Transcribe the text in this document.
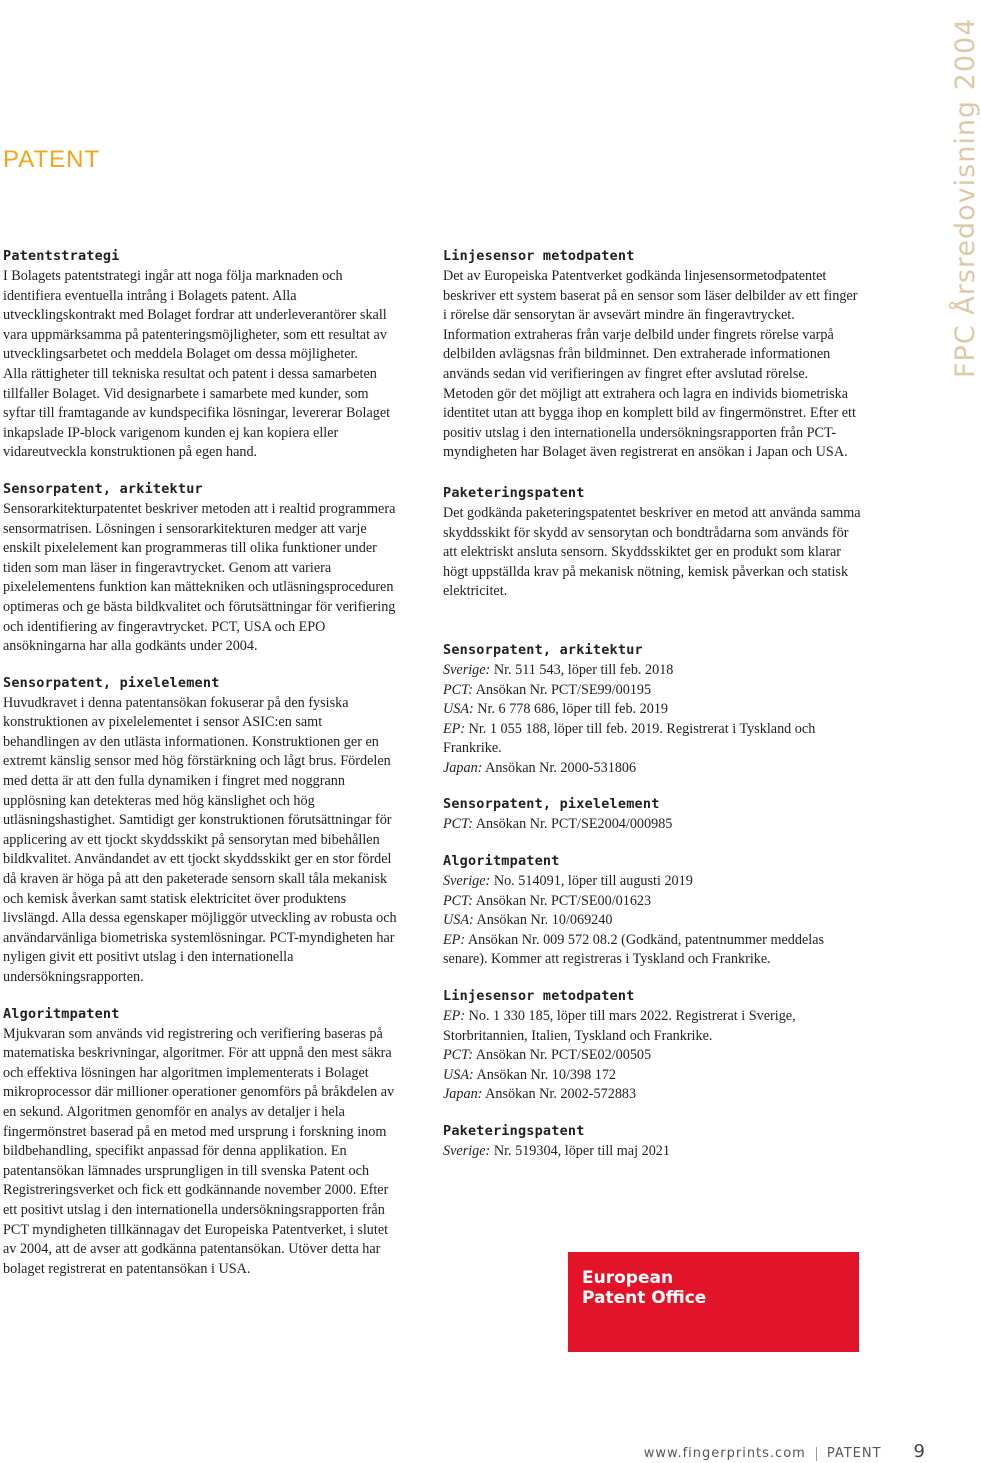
FPC Årsredovisning 2004
PATENT
Patentstrategi

I Bolagets patentstrategi ingår att noga följa marknaden och identifiera eventuella intrång i Bolagets patent. Alla utvecklingskontrakt med Bolaget fordrar att underleverantörer skall vara uppmärksamma på patenteringsmöjligheter, som ett resultat av utvecklingsarbetet och meddela Bolaget om dessa möjligheter.

Alla rättigheter till tekniska resultat och patent i dessa samarbeten tillfaller Bolaget. Vid designarbete i samarbete med kunder, som syftar till framtagande av kundspecifika lösningar, levererar Bolaget inkapslade IP-block varigenom kunden ej kan kopiera eller vidareutveckla konstruktionen på egen hand.

Sensorpatent, arkitektur

Sensorarkitekturpatentet beskriver metoden att i realtid programmera sensormatrisen. Lösningen i sensorarkitekturen medger att varje enskilt pixelelement kan programmeras till olika funktioner under tiden som man läser in fingeravtrycket. Genom att variera pixelelementens funktion kan mättekniken och utläsningsproceduren optimeras och ge bästa bildkvalitet och förutsättningar för verifiering och identifiering av fingeravtrycket. PCT, USA och EPO ansökningarna har alla godkänts under 2004.

Sensorpatent, pixelelement

Huvudkravet i denna patentansökan fokuserar på den fysiska konstruktionen av pixelelementet i sensor ASIC:en samt behandlingen av den utlästa informationen. Konstruktionen ger en extremt känslig sensor med hög förstärkning och lågt brus. Fördelen med detta är att den fulla dynamiken i fingret med noggrann upplösning kan detekteras med hög känslighet och hög utläsningshastighet. Samtidigt ger konstruktionen förutsättningar för applicering av ett tjockt skyddsskikt på sensorytan med bibehållen bildkvalitet. Användandet av ett tjockt skyddsskikt ger en stor fördel då kraven är höga på att den paketerade sensorn skall tåla mekanisk och kemisk åverkan samt statisk elektricitet över produktens livslängd. Alla dessa egenskaper möjliggör utveckling av robusta och användarvänliga biometriska systemlösningar. PCT-myndigheten har nyligen givit ett positivt utslag i den internationella undersökningsrapporten.

Algoritmpatent

Mjukvaran som används vid registrering och verifiering baseras på matematiska beskrivningar, algoritmer. För att uppnå den mest säkra och effektiva lösningen har algoritmen implementerats i Bolaget mikroprocessor där millioner operationer genomförs på bråkdelen av en sekund. Algoritmen genomför en analys av detaljer i hela fingermönstret baserad på en metod med ursprung i forskning inom bildbehandling, specifikt anpassad för denna applikation. En patentansökan lämnades ursprungligen in till svenska Patent och Registreringsverket och fick ett godkännande november 2000. Efter ett positivt utslag i den internationella undersökningsrapporten från PCT myndigheten tillkännagav det Europeiska Patentverket, i slutet av 2004, att de avser att godkänna patentansökan. Utöver detta har bolaget registrerat en patentansökan i USA.

Linjesensor metodpatent

Det av Europeiska Patentverket godkända linjesensormetodpatentet beskriver ett system baserat på en sensor som läser delbilder av ett finger i rörelse där sensorytan är avsevärt mindre än fingeravtrycket. Information extraheras från varje delbild under fingrets rörelse varpå delbilden avlägsnas från bildminnet. Den extraherade informationen används sedan vid verifieringen av fingret efter avslutad rörelse. Metoden gör det möjligt att extrahera och lagra en individs biometriska identitet utan att bygga ihop en komplett bild av fingermönstret. Efter ett positiv utslag i den internationella undersökningsrapporten från PCT-myndigheten har Bolaget även registrerat en ansökan i Japan och USA.

Paketeringspatent

Det godkända paketeringspatentet beskriver en metod att använda samma skyddsskikt för skydd av sensorytan och bondtrådarna som används för att elektriskt ansluta sensorn. Skyddsskiktet ger en produkt som klarar högt uppställda krav på mekanisk nötning, kemisk påverkan och statisk elektricitet.

Sensorpatent, arkitektur
Sverige: Nr. 511 543, löper till feb. 2018
PCT: Ansökan Nr. PCT/SE99/00195
USA: Nr. 6 778 686, löper till feb. 2019
EP: Nr. 1 055 188, löper till feb. 2019. Registrerat i Tyskland och Frankrike.
Japan: Ansökan Nr. 2000-531806
Sensorpatent, pixelelement
PCT: Ansökan Nr. PCT/SE2004/000985
Algoritmpatent
Sverige: No. 514091, löper till augusti 2019
PCT: Ansökan Nr. PCT/SE00/01623
USA: Ansökan Nr. 10/069240
EP: Ansökan Nr. 009 572 08.2 (Godkänd, patentnummer meddelas senare). Kommer att registreras i Tyskland och Frankrike.
Linjesensor metodpatent
EP: No. 1 330 185, löper till mars 2022. Registrerat i Sverige, Storbritannien, Italien, Tyskland och Frankrike.
PCT: Ansökan Nr. PCT/SE02/00505
USA: Ansökan Nr. 10/398 172
Japan: Ansökan Nr. 2002-572883
Paketeringspatent
Sverige: Nr. 519304, löper till maj 2021
European
Patent Office
www.fingerprints.com PATENT 9
